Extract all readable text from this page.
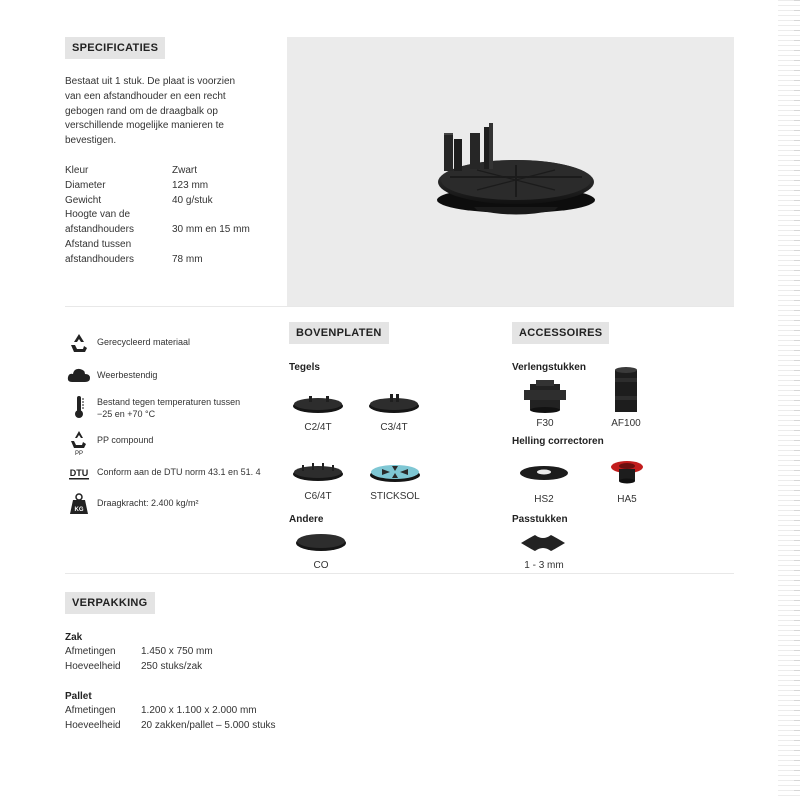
SPECIFICATIES
Bestaat uit 1 stuk. De plaat is voorzien
van een afstandhouder en een recht
gebogen rand om de draagbalk op
verschillende mogelijke manieren te
bevestigen.
Kleur	Zwart
Diameter	123 mm
Gewicht	40 g/stuk
Hoogte van de
afstandhouders	30 mm en 15 mm
Afstand tussen
afstandhouders	78 mm
Gerecycleerd materiaal
Weerbestendig
Bestand tegen temperaturen tussen
−25 en +70 °C
PP
PP compound
DTU Conform aan de DTU norm 43.1 en 51. 4
KG
Draagkracht: 2.400 kg/m²
BOVENPLATEN
Tegels
C2/4T	C3/4T
C6/4T	STICKSOL
Andere
CO
ACCESSOIRES
Verlengstukken
F30	AF100
Helling correctoren
HS2	HA5
Passtukken
1 - 3 mm
VERPAKKING
Zak
Afmetingen	1.450 x 750 mm
Hoeveelheid 250 stuks/zak
Pallet
Afmetingen	1.200 x 1.100 x 2.000 mm
Hoeveelheid 20 zakken/pallet – 5.000 stuks
